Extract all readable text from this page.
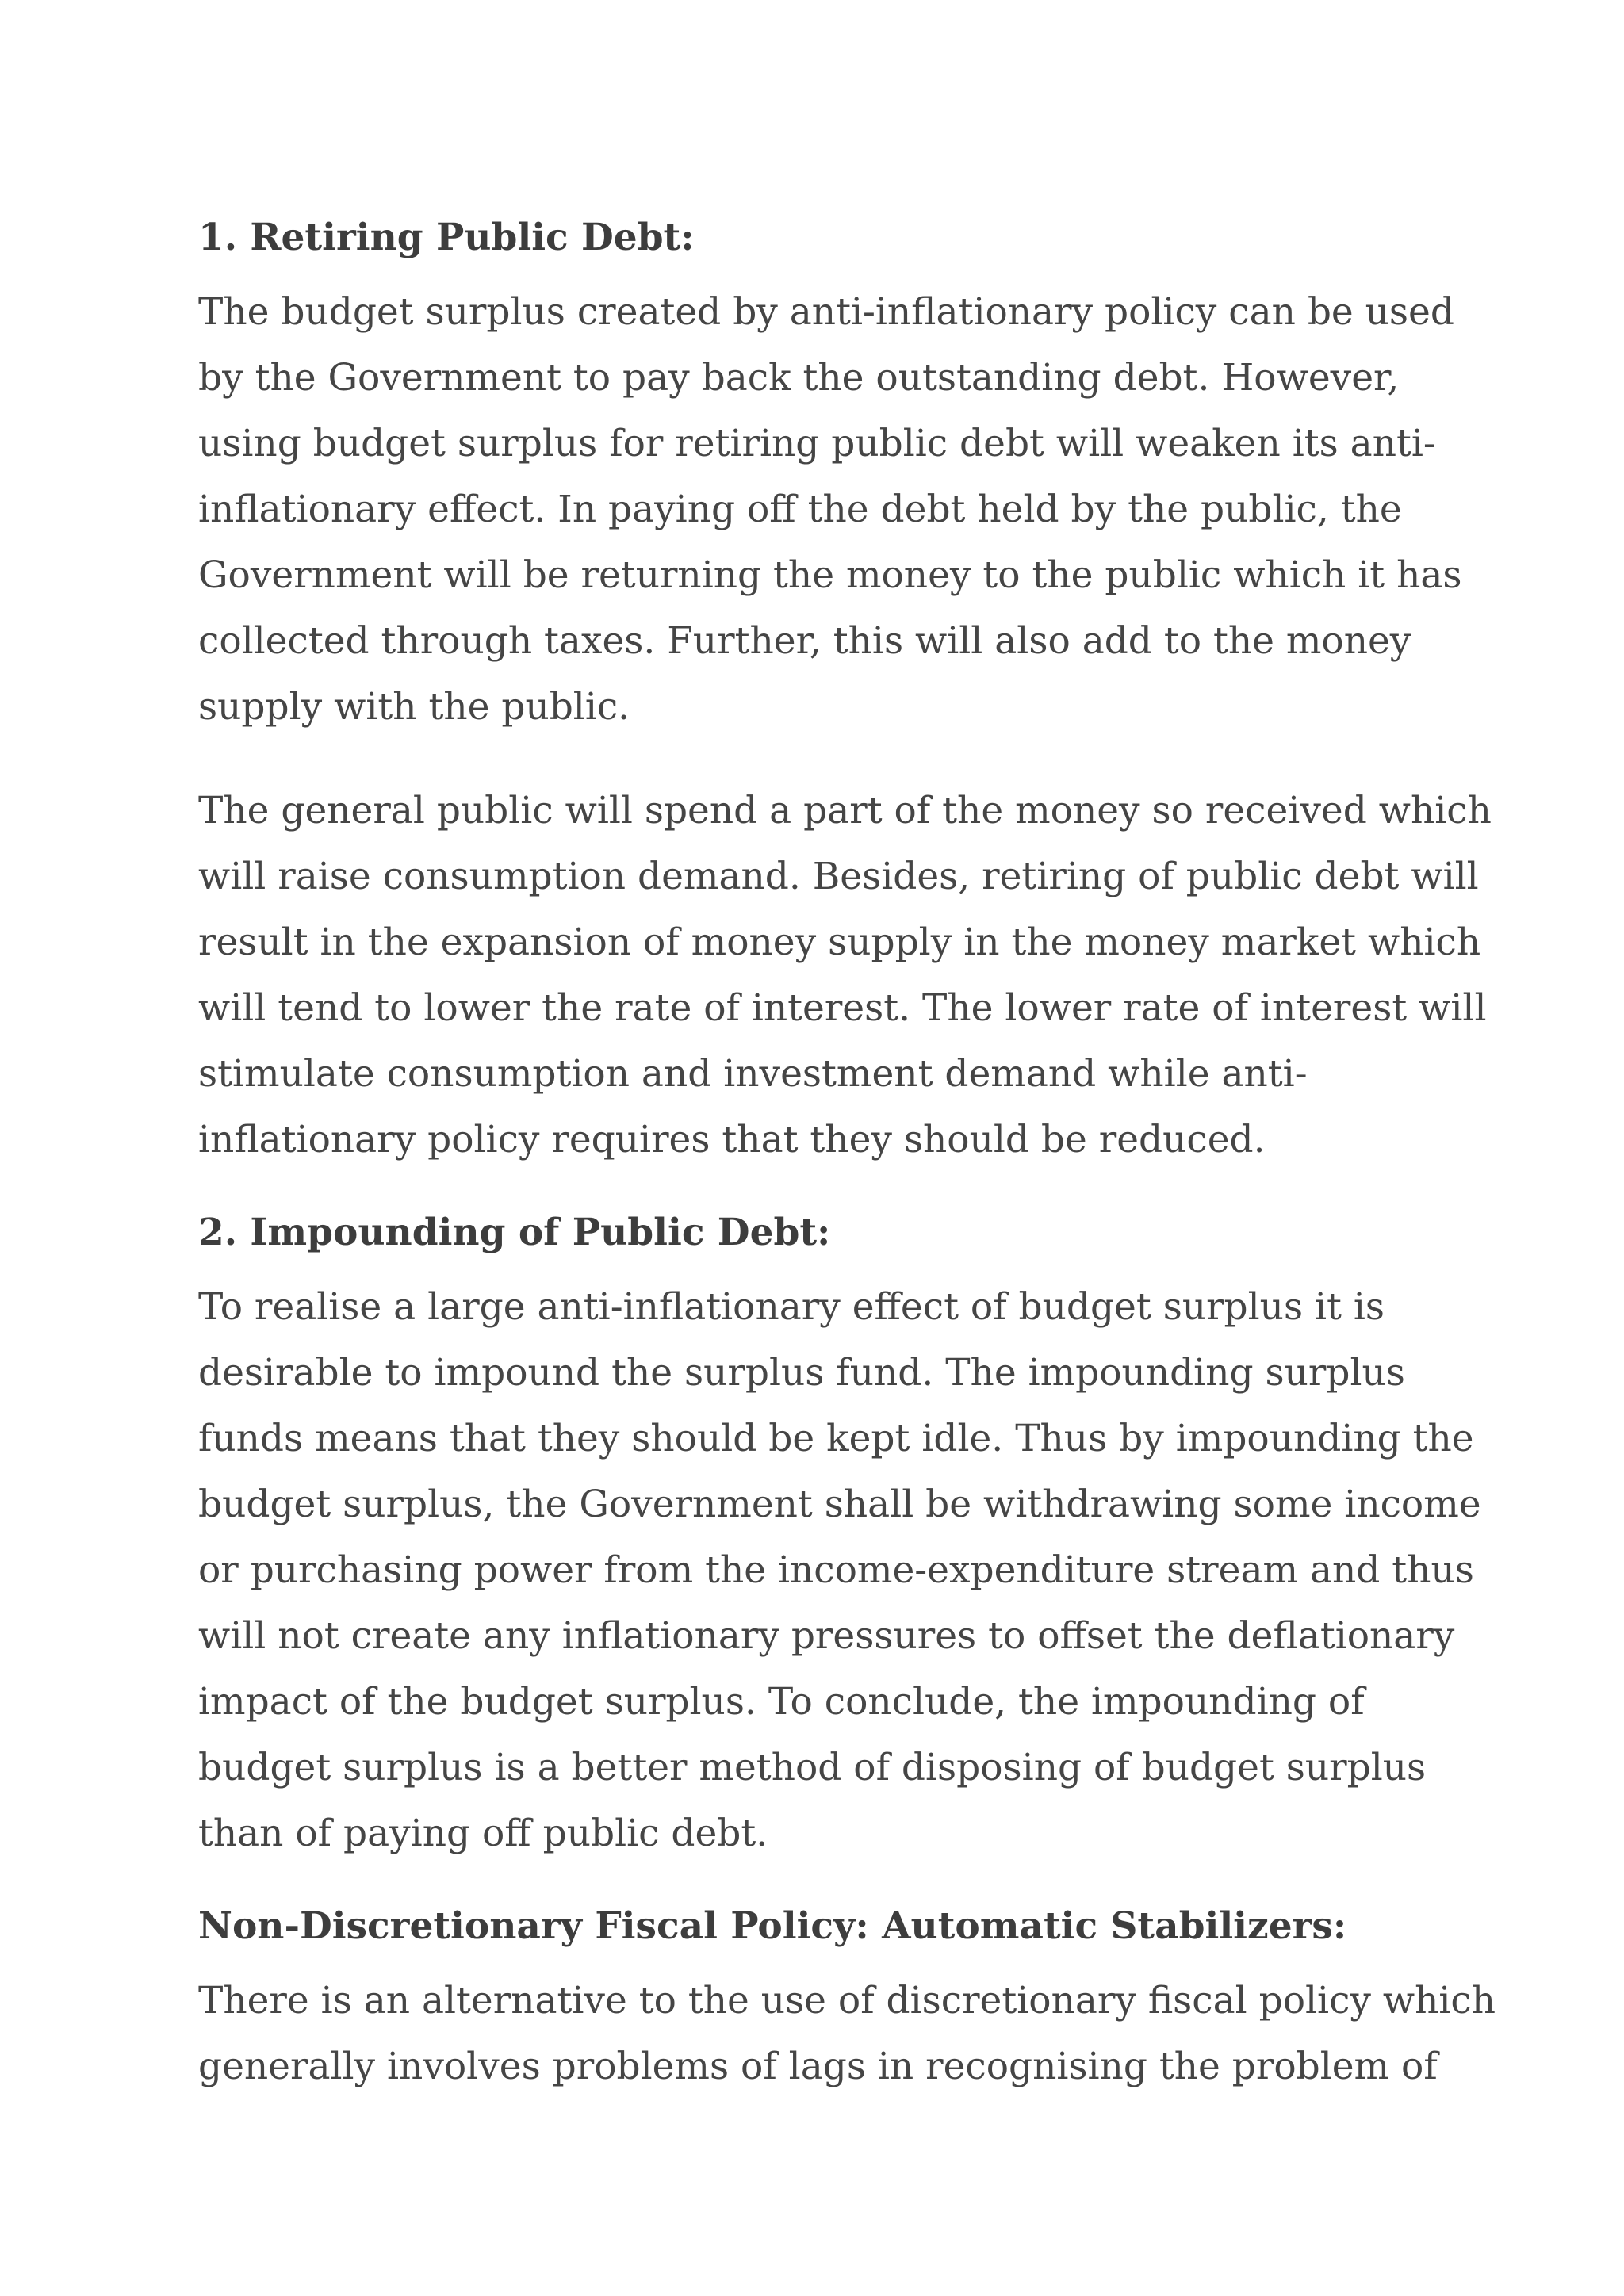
1. Retiring Public Debt:
The budget surplus created by anti-inflationary policy can be used
by the Government to pay back the outstanding debt. However,
using budget surplus for retiring public debt will weaken its anti-
inflationary effect. In paying off the debt held by the public, the
Government will be returning the money to the public which it has
collected through taxes. Further, this will also add to the money
supply with the public.
The general public will spend a part of the money so received which
will raise consumption demand. Besides, retiring of public debt will
result in the expansion of money supply in the money market which
will tend to lower the rate of interest. The lower rate of interest will
stimulate consumption and investment demand while anti-
inflationary policy requires that they should be reduced.
2. Impounding of Public Debt:
To realise a large anti-inflationary effect of budget surplus it is
desirable to impound the surplus fund. The impounding surplus
funds means that they should be kept idle. Thus by impounding the
budget surplus, the Government shall be withdrawing some income
or purchasing power from the income-expenditure stream and thus
will not create any inflationary pressures to offset the deflationary
impact of the budget surplus. To conclude, the impounding of
budget surplus is a better method of disposing of budget surplus
than of paying off public debt.
Non-Discretionary Fiscal Policy: Automatic Stabilizers:
There is an alternative to the use of discretionary fiscal policy which
generally involves problems of lags in recognising the problem of
